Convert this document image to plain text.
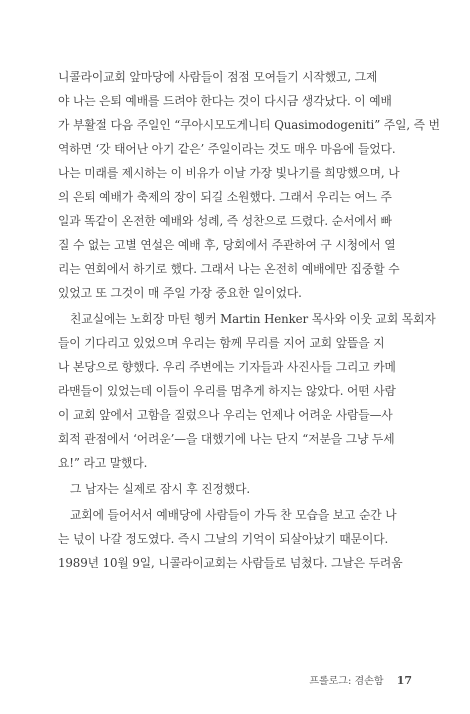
니콜라이교회 앞마당에 사람들이 점점 모여들기 시작했고, 그제
야 나는 은퇴 예배를 드려야 한다는 것이 다시금 생각났다. 이 예배
가 부활절 다음 주일인 “쿠아시모도게니티 Quasimodogeniti” 주일, 즉 번
역하면 ‘갓 태어난 아기 같은’ 주일이라는 것도 매우 마음에 들었다.
나는 미래를 제시하는 이 비유가 이날 가장 빛나기를 희망했으며, 나
의 은퇴 예배가 축제의 장이 되길 소원했다. 그래서 우리는 여느 주
일과 똑같이 온전한 예배와 성례, 즉 성찬으로 드렸다. 순서에서 빠
질 수 없는 고별 연설은 예배 후, 당회에서 주관하여 구 시청에서 열
리는 연회에서 하기로 했다. 그래서 나는 온전히 예배에만 집중할 수
있었고 또 그것이 매 주일 가장 중요한 일이었다.
친교실에는 노회장 마틴 헹커 Martin Henker 목사와 이웃 교회 목회자
들이 기다리고 있었으며 우리는 함께 무리를 지어 교회 앞뜰을 지
나 본당으로 향했다. 우리 주변에는 기자들과 사진사들 그리고 카메
라맨들이 있었는데 이들이 우리를 멈추게 하지는 않았다. 어떤 사람
이 교회 앞에서 고함을 질렀으나 우리는 언제나 어려운 사람들—사
회적 관점에서 ‘어려운’—을 대했기에 나는 단지 “저분을 그냥 두세
요!” 라고 말했다.
그 남자는 실제로 잠시 후 진정했다.
교회에 들어서서 예배당에 사람들이 가득 찬 모습을 보고 순간 나
는 넋이 나갈 정도였다. 즉시 그날의 기억이 되살아났기 때문이다.
1989년 10월 9일, 니콜라이교회는 사람들로 넘쳤다. 그날은 두려움
프롤로그: 겸손함 17
